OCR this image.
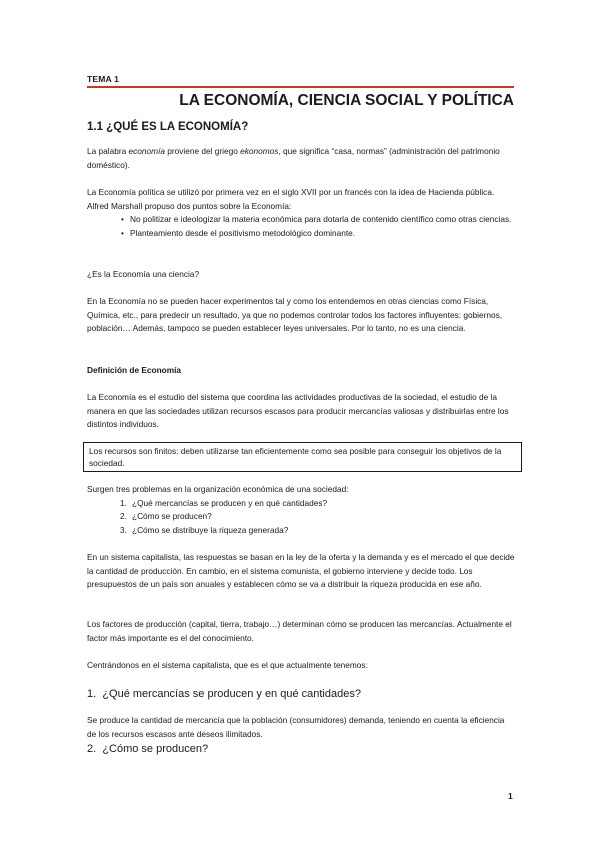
TEMA 1
LA ECONOMÍA, CIENCIA SOCIAL Y POLÍTICA
1.1 ¿QUÉ ES LA ECONOMÍA?
La palabra economía proviene del griego ekonomos, que significa “casa, normas” (administración del patrimonio doméstico).
La Economía política se utilizó por primera vez en el siglo XVII por un francés con la idea de Hacienda pública. Alfred Marshall propuso dos puntos sobre la Economía:
• No politizar e ideologizar la materia económica para dotarla de contenido científico como otras ciencias.
• Planteamiento desde el positivismo metodológico dominante.
¿Es la Economía una ciencia?
En la Economía no se pueden hacer experimentos tal y como los entendemos en otras ciencias como Física, Química, etc., para predecir un resultado, ya que no podemos controlar todos los factores influyentes: gobiernos, población… Además, tampoco se pueden establecer leyes universales. Por lo tanto, no es una ciencia.
Definición de Economía
La Economía es el estudio del sistema que coordina las actividades productivas de la sociedad, el estudio de la manera en que las sociedades utilizan recursos escasos para producir mercancías valiosas y distribuirlas entre los distintos individuos.
Los recursos son finitos: deben utilizarse tan eficientemente como sea posible para conseguir los objetivos de la sociedad.
Surgen tres problemas en la organización económica de una sociedad:
1. ¿Qué mercancías se producen y en qué cantidades?
2. ¿Cómo se producen?
3. ¿Cómo se distribuye la riqueza generada?
En un sistema capitalista, las respuestas se basan en la ley de la oferta y la demanda y es el mercado el que decide la cantidad de producción. En cambio, en el sistema comunista, el gobierno interviene y decide todo. Los presupuestos de un país son anuales y establecen cómo se va a distribuir la riqueza producida en ese año.
Los factores de producción (capital, tierra, trabajo…) determinan cómo se producen las mercancías. Actualmente el factor más importante es el del conocimiento.
Centrándonos en el sistema capitalista, que es el que actualmente tenemos:
1. ¿Qué mercancías se producen y en qué cantidades?
Se produce la cantidad de mercancía que la población (consumidores) demanda, teniendo en cuenta la eficiencia de los recursos escasos ante deseos ilimitados.
2. ¿Cómo se producen?
1
